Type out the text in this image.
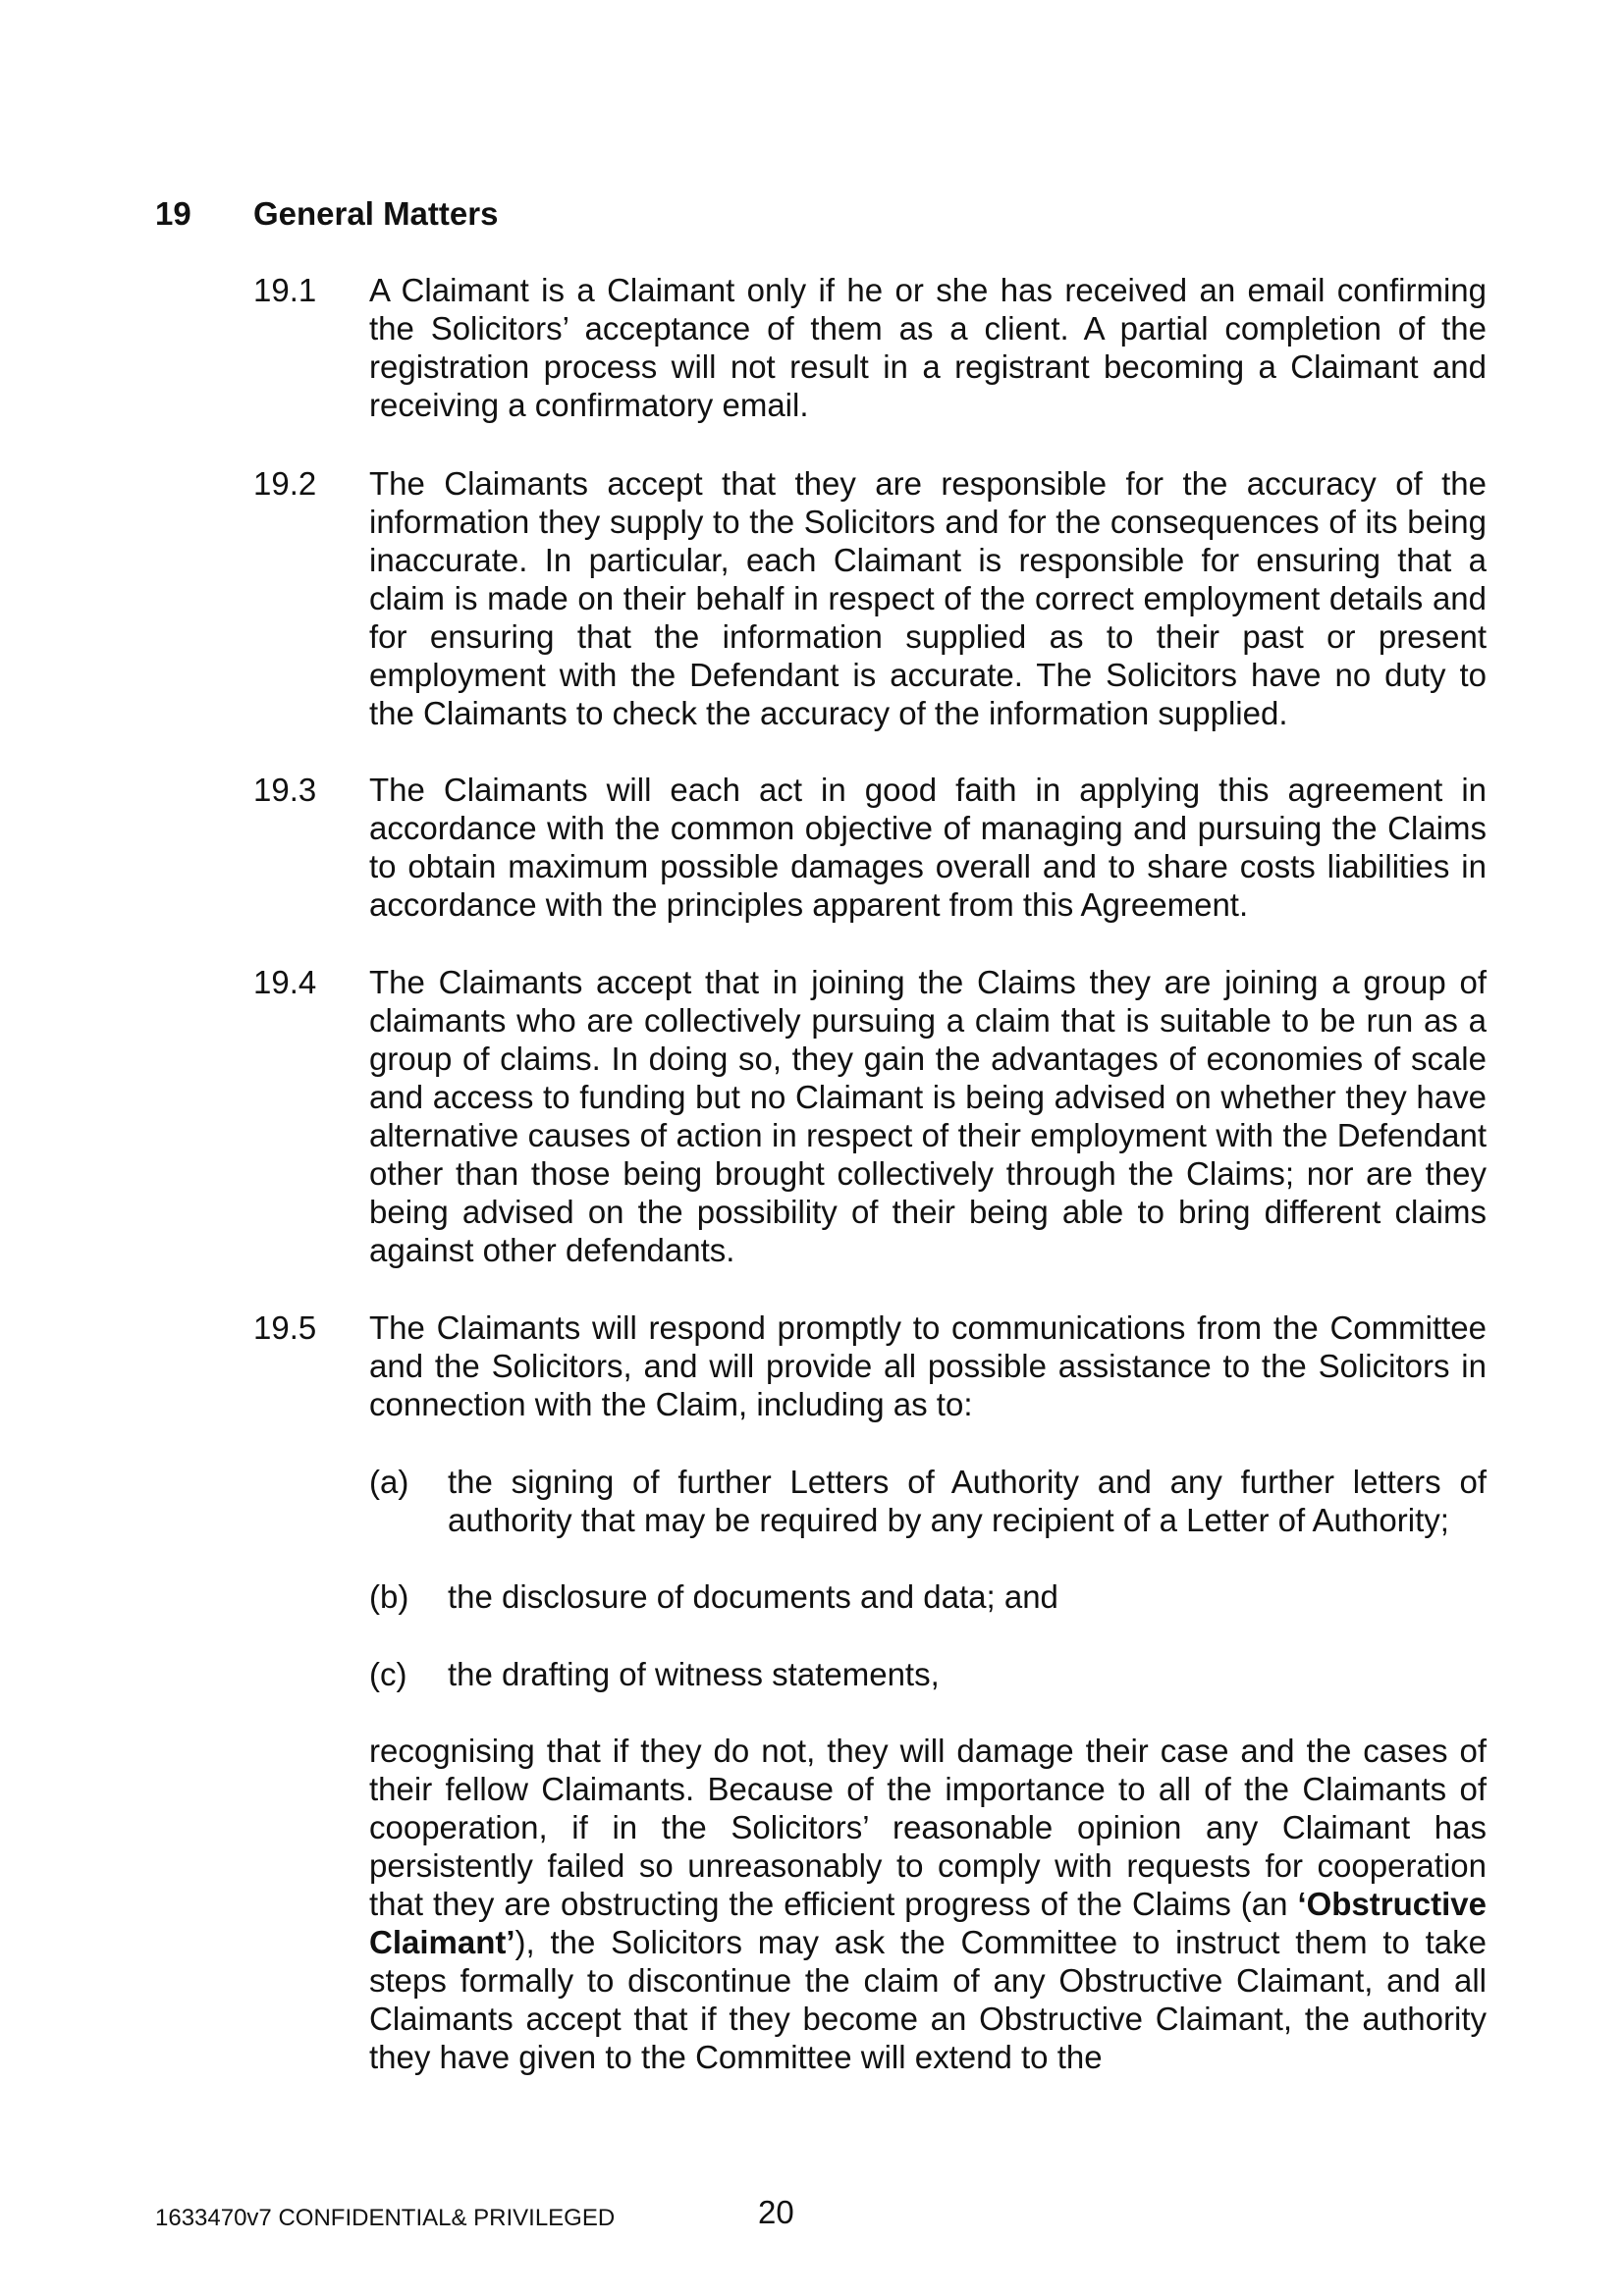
19 General Matters
19.1 A Claimant is a Claimant only if he or she has received an email confirming the Solicitors’ acceptance of them as a client. A partial completion of the registration process will not result in a registrant becoming a Claimant and receiving a confirmatory email.
19.2 The Claimants accept that they are responsible for the accuracy of the information they supply to the Solicitors and for the consequences of its being inaccurate. In particular, each Claimant is responsible for ensuring that a claim is made on their behalf in respect of the correct employment details and for ensuring that the information supplied as to their past or present employment with the Defendant is accurate. The Solicitors have no duty to the Claimants to check the accuracy of the information supplied.
19.3 The Claimants will each act in good faith in applying this agreement in accordance with the common objective of managing and pursuing the Claims to obtain maximum possible damages overall and to share costs liabilities in accordance with the principles apparent from this Agreement.
19.4 The Claimants accept that in joining the Claims they are joining a group of claimants who are collectively pursuing a claim that is suitable to be run as a group of claims. In doing so, they gain the advantages of economies of scale and access to funding but no Claimant is being advised on whether they have alternative causes of action in respect of their employment with the Defendant other than those being brought collectively through the Claims; nor are they being advised on the possibility of their being able to bring different claims against other defendants.
19.5 The Claimants will respond promptly to communications from the Committee and the Solicitors, and will provide all possible assistance to the Solicitors in connection with the Claim, including as to:
(a) the signing of further Letters of Authority and any further letters of authority that may be required by any recipient of a Letter of Authority;
(b) the disclosure of documents and data; and
(c) the drafting of witness statements,
recognising that if they do not, they will damage their case and the cases of their fellow Claimants. Because of the importance to all of the Claimants of cooperation, if in the Solicitors’ reasonable opinion any Claimant has persistently failed so unreasonably to comply with requests for cooperation that they are obstructing the efficient progress of the Claims (an ‘Obstructive Claimant’), the Solicitors may ask the Committee to instruct them to take steps formally to discontinue the claim of any Obstructive Claimant, and all Claimants accept that if they become an Obstructive Claimant, the authority they have given to the Committee will extend to the
1633470v7 CONFIDENTIAL& PRIVILEGED	20
